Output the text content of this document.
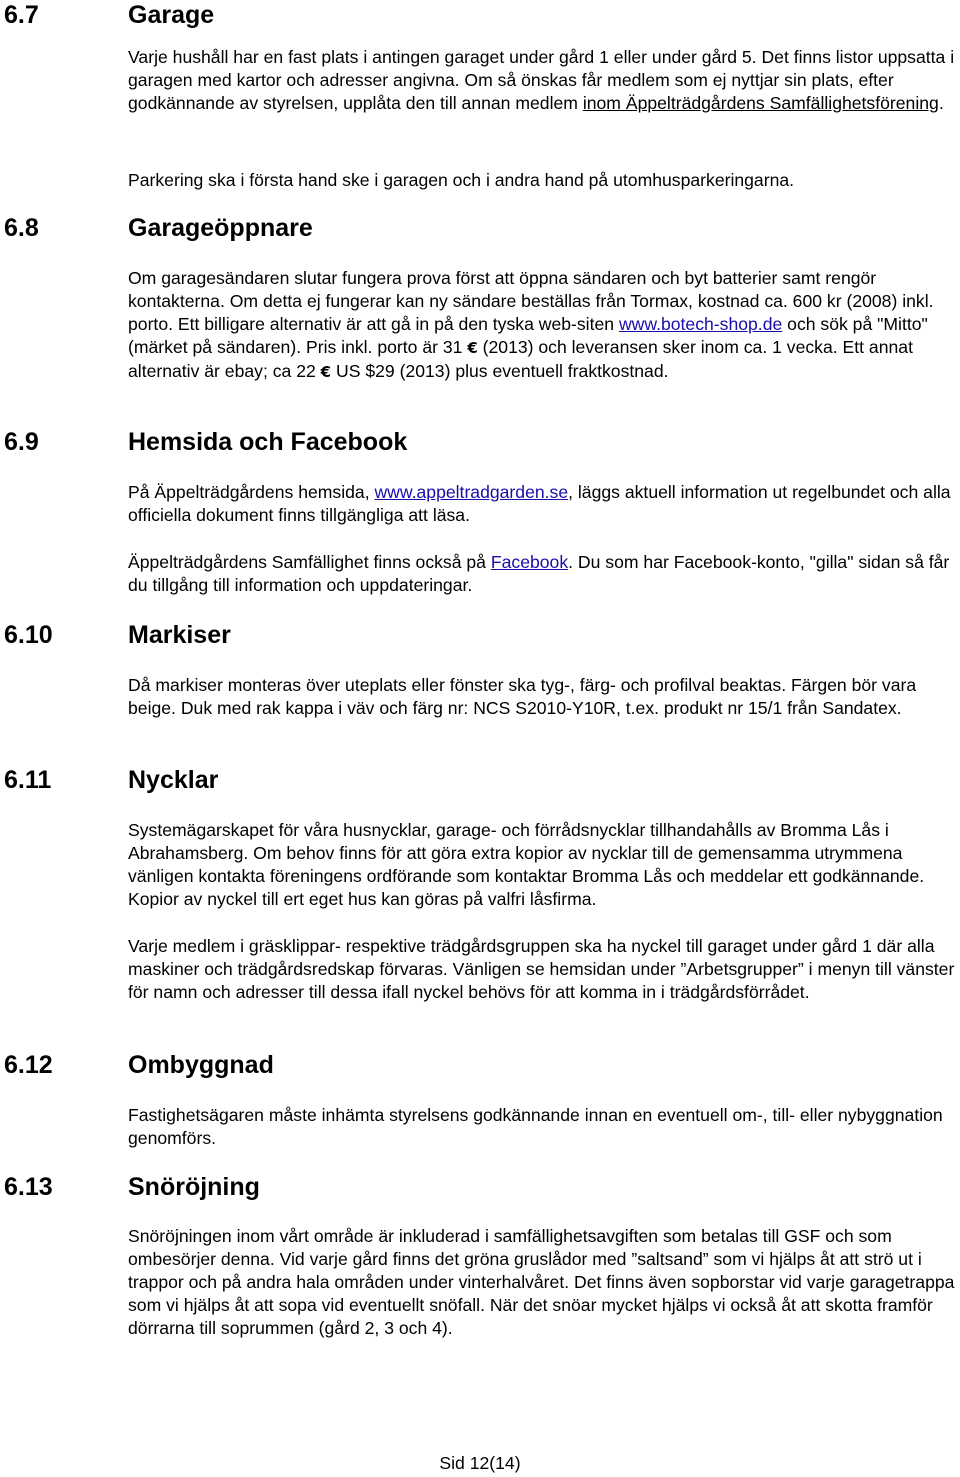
6.7	Garage

Varje hushåll har en fast plats i antingen garaget under gård 1 eller under gård 5. Det finns listor uppsatta i garagen med kartor och adresser angivna. Om så önskas får medlem som ej nyttjar sin plats, efter godkännande av styrelsen, upplåta den till annan medlem inom Äppelträdgårdens Samfällighetsförening.

Parkering ska i första hand ske i garagen och i andra hand på utomhusparkeringarna.

6.8	Garageöppnare

Om garagesändaren slutar fungera prova först att öppna sändaren och byt batterier samt rengör kontakterna. Om detta ej fungerar kan ny sändare beställas från Tormax, kostnad ca. 600 kr (2008) inkl. porto. Ett billigare alternativ är att gå in på den tyska web-siten www.botech-shop.de och sök på "Mitto" (märket på sändaren). Pris inkl. porto är 31 € (2013) och leveransen sker inom ca. 1 vecka. Ett annat alternativ är ebay; ca 22 € US $29 (2013) plus eventuell fraktkostnad.

6.9	Hemsida och Facebook

På Äppelträdgårdens hemsida, www.appeltradgarden.se, läggs aktuell information ut regelbundet och alla officiella dokument finns tillgängliga att läsa.

Äppelträdgårdens Samfällighet finns också på Facebook. Du som har Facebook-konto, "gilla" sidan så får du tillgång till information och uppdateringar.

6.10	Markiser

Då markiser monteras över uteplats eller fönster ska tyg-, färg- och profilval beaktas. Färgen bör vara beige. Duk med rak kappa i väv och färg nr: NCS S2010-Y10R, t.ex. produkt nr 15/1 från Sandatex.

6.11	Nycklar

Systemägarskapet för våra husnycklar, garage- och förrådsnycklar tillhandahålls av Bromma Lås i Abrahamsberg. Om behov finns för att göra extra kopior av nycklar till de gemensamma utrymmena vänligen kontakta föreningens ordförande som kontaktar Bromma Lås och meddelar ett godkännande. Kopior av nyckel till ert eget hus kan göras på valfri låsfirma.

Varje medlem i gräsklippar- respektive trädgårdsgruppen ska ha nyckel till garaget under gård 1 där alla maskiner och trädgårdsredskap förvaras. Vänligen se hemsidan under ”Arbetsgrupper” i menyn till vänster för namn och adresser till dessa ifall nyckel behövs för att komma in i trädgårdsförrådet.

6.12	Ombyggnad

Fastighetsägaren måste inhämta styrelsens godkännande innan en eventuell om-, till- eller nybyggnation genomförs.

6.13	Snöröjning

Snöröjningen inom vårt område är inkluderad i samfällighetsavgiften som betalas till GSF och som ombesörjer denna. Vid varje gård finns det gröna gruslådor med ”saltsand” som vi hjälps åt att strö ut i trappor och på andra hala områden under vinterhalvåret. Det finns även sopborstar vid varje garagetrappa som vi hjälps åt att sopa vid eventuellt snöfall. När det snöar mycket hjälps vi också åt att skotta framför dörrarna till soprummen (gård 2, 3 och 4).

Sid 12(14)
